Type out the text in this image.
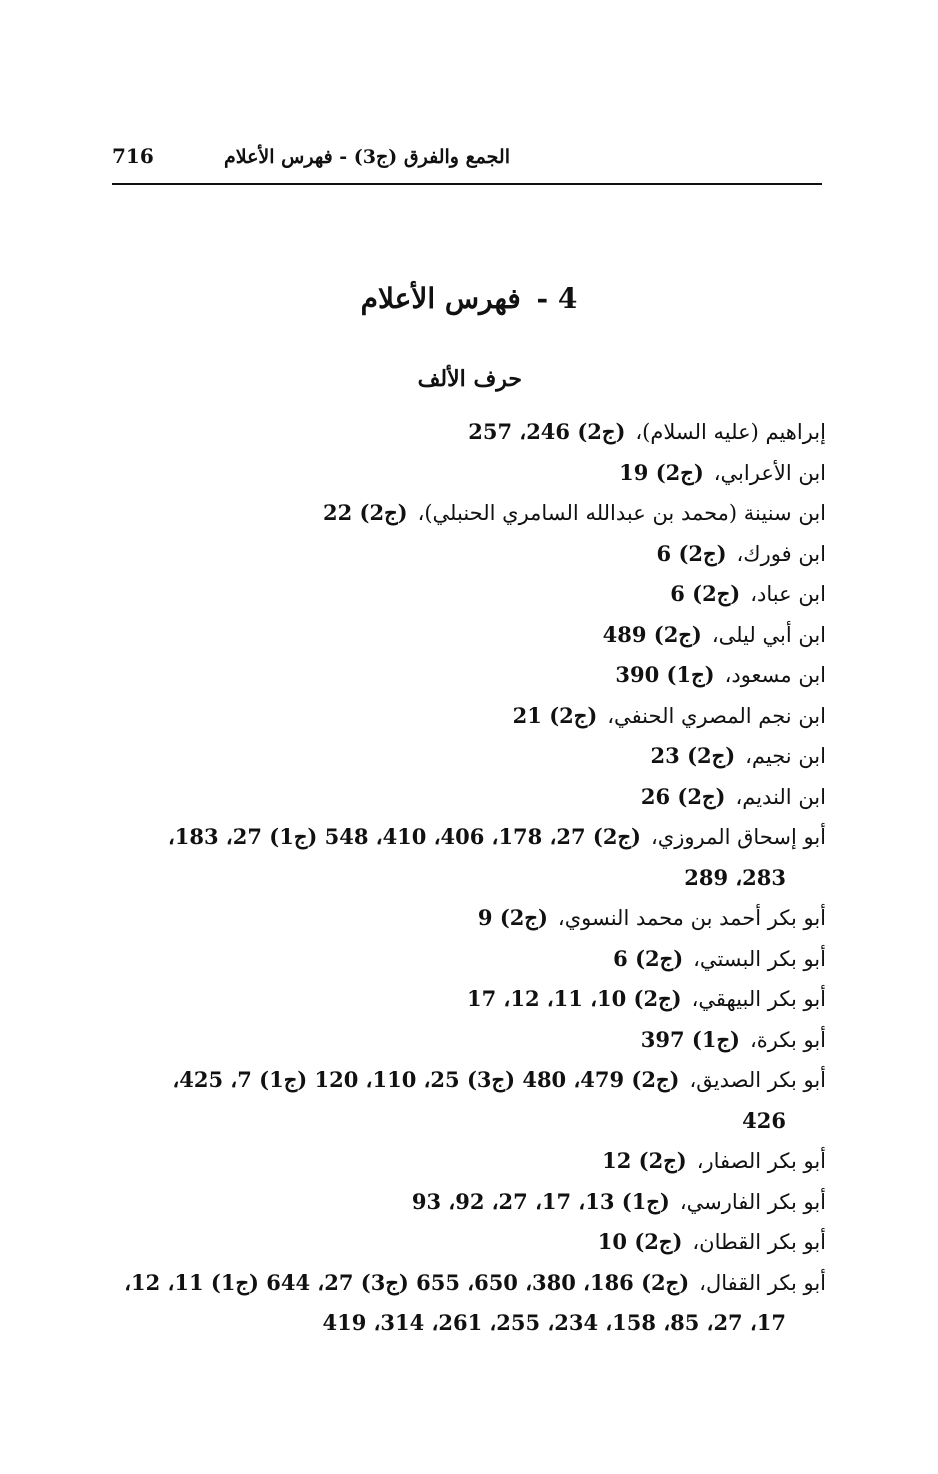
الجمع والفرق (ج3) - فهرس الأعلام
716
4 - فهرس الأعلام
حرف الألف
إبراهيم (عليه السلام)،(ج2) 246، 257
ابن الأعرابي،(ج2) 19
ابن سنينة (محمد بن عبدالله السامري الحنبلي)،(ج2) 22
ابن فورك،(ج2) 6
ابن عباد،(ج2) 6
ابن أبي ليلى،(ج2) 489
ابن مسعود،(ج1) 390
ابن نجم المصري الحنفي،(ج2) 21
ابن نجيم،(ج2) 23
ابن النديم،(ج2) 26
أبو إسحاق المروزي،(ج2) 27، 178، 406، 410، 548 (ج1) 27، 183،
283، 289
أبو بكر أحمد بن محمد النسوي،(ج2) 9
أبو بكر البستي،(ج2) 6
أبو بكر البيهقي،(ج2) 10، 11، 12، 17
أبو بكرة،(ج1) 397
أبو بكر الصديق،(ج2) 479، 480 (ج3) 25، 110، 120 (ج1) 7، 425،
426
أبو بكر الصفار،(ج2) 12
أبو بكر الفارسي،(ج1) 13، 17، 27، 92، 93
أبو بكر القطان،(ج2) 10
أبو بكر القفال،(ج2) 186، 380، 650، 655 (ج3) 27، 644 (ج1) 11، 12،
17، 27، 85، 158، 234، 255، 261، 314، 419
